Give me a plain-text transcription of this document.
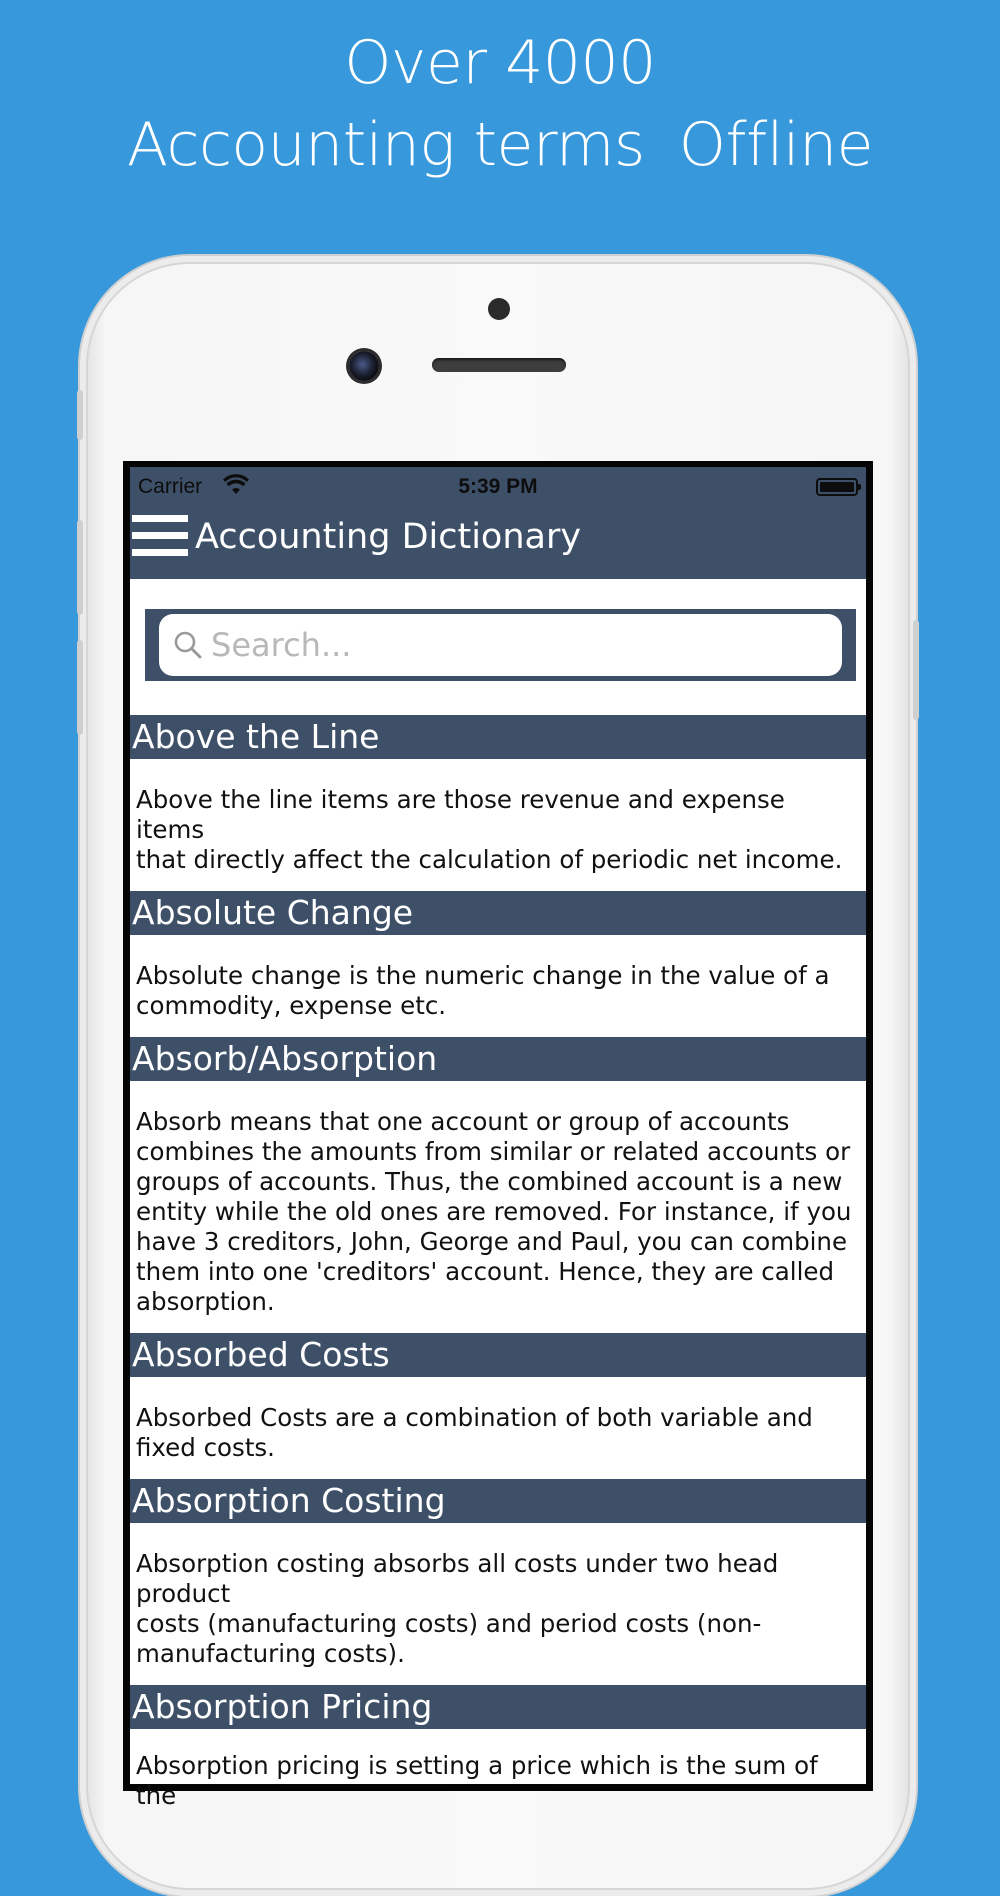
Over 4000
Accounting terms Offline
Carrier	5:39 PM
Accounting Dictionary
Search...
Above the Line
Above the line items are those revenue and expense items
that directly affect the calculation of periodic net income.
Absolute Change
Absolute change is the numeric change in the value of a
commodity, expense etc.
Absorb/Absorption
Absorb means that one account or group of accounts
combines the amounts from similar or related accounts or
groups of accounts. Thus, the combined account is a new
entity while the old ones are removed. For instance, if you
have 3 creditors, John, George and Paul, you can combine
them into one 'creditors' account. Hence, they are called
absorption.
Absorbed Costs
Absorbed Costs are a combination of both variable and
fixed costs.
Absorption Costing
Absorption costing absorbs all costs under two head product
costs (manufacturing costs) and period costs (non-
manufacturing costs).
Absorption Pricing
Absorption pricing is setting a price which is the sum of the
